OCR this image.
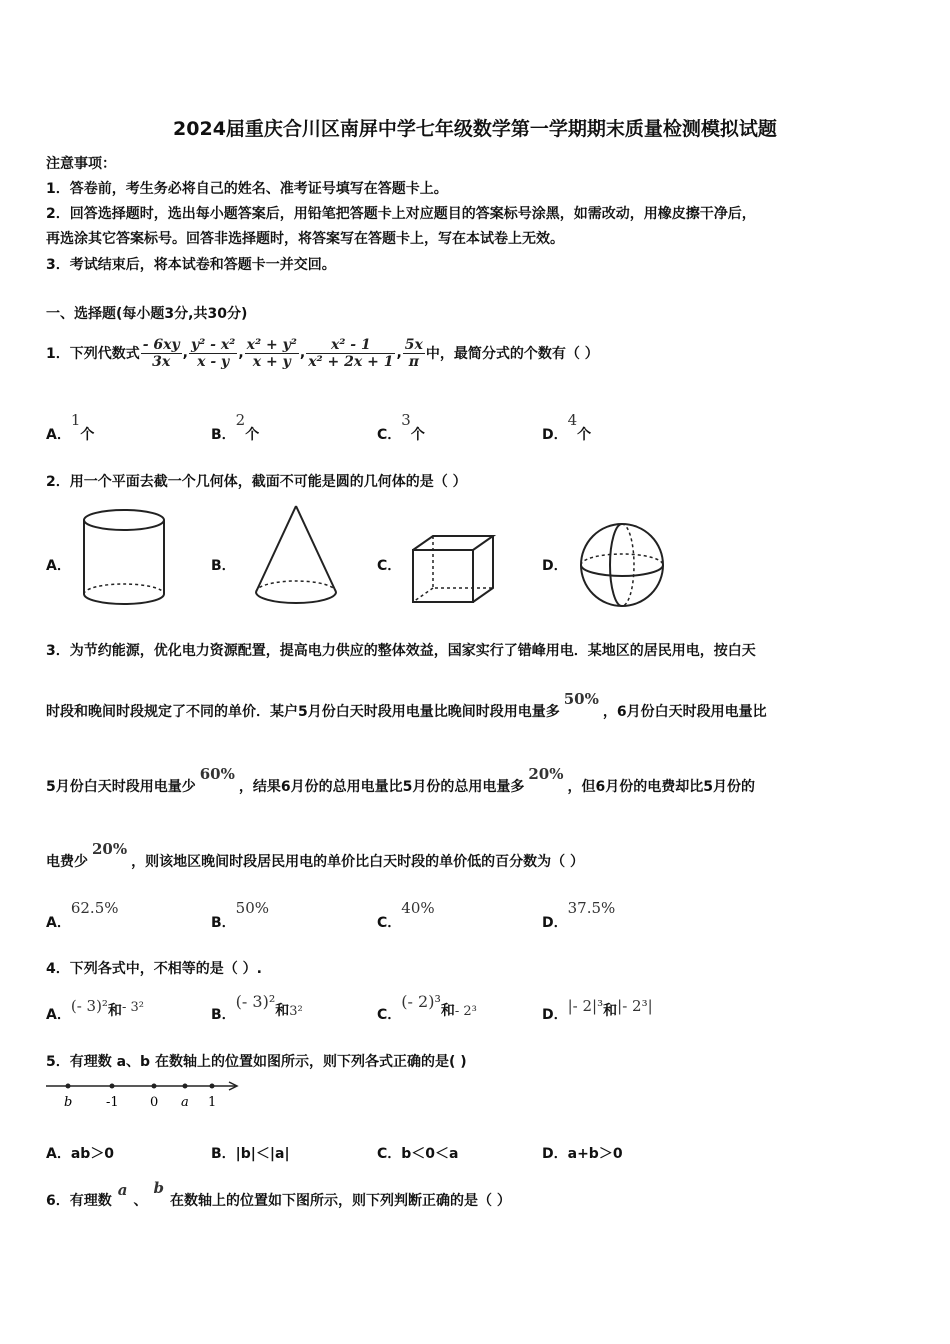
2024届重庆合川区南屏中学七年级数学第一学期期末质量检测模拟试题
注意事项：
1．答卷前，考生务必将自己的姓名、准考证号填写在答题卡上。
2．回答选择题时，选出每小题答案后，用铅笔把答题卡上对应题目的答案标号涂黑，如需改动，用橡皮擦干净后，
再选涂其它答案标号。回答非选择题时，将答案写在答题卡上，写在本试卷上无效。
3．考试结束后，将本试卷和答题卡一并交回。
一、选择题(每小题3分,共30分)
1．下列代数式 $\frac{- 6xy}{3x}$ , $\frac{\text{y² - x²}}{x - y}$ , $\frac{\text{x² + y²}}{x + y}$ , $\frac{\text{x² - 1}}{\text{x² + 2x + 1}}$ , $\frac{5x}{\pi}$ 中，最简分式的个数有（ ）
A．1个	B．2个	C．3个	D．4个
2．用一个平面去截一个几何体，截面不可能是圆的几何体的是（ ）
A．	B．	C．	D．
3．为节约能源，优化电力资源配置，提高电力供应的整体效益，国家实行了错峰用电．某地区的居民用电，按白天
时段和晚间时段规定了不同的单价．某户5月份白天时段用电量比晚间时段用电量多50%，6月份白天时段用电量比
5月份白天时段用电量少60%，结果6月份的总用电量比5月份的总用电量多20%，但6月份的电费却比5月份的
电费少20%，则该地区晚间时段居民用电的单价比白天时段的单价低的百分数为（ ）
A．62.5%
B．50%
C．40%
D．37.5%
4．下列各式中，不相等的是（ ）.
A．(- 3)²和- 3²	B．(- 3)²和$_{3^2}$	C．(- 2)³和$_{- 2^3}$	D．|- 2|³和|- 2³|
5．有理数 a、b 在数轴上的位置如图所示，则下列各式正确的是( )
b	-1 0 a 1
A．ab＞0	B．|b|＜|a|	C．b＜0＜a	D．a+b＞0
6．有理数a、b在数轴上的位置如下图所示，则下列判断正确的是（ ）
